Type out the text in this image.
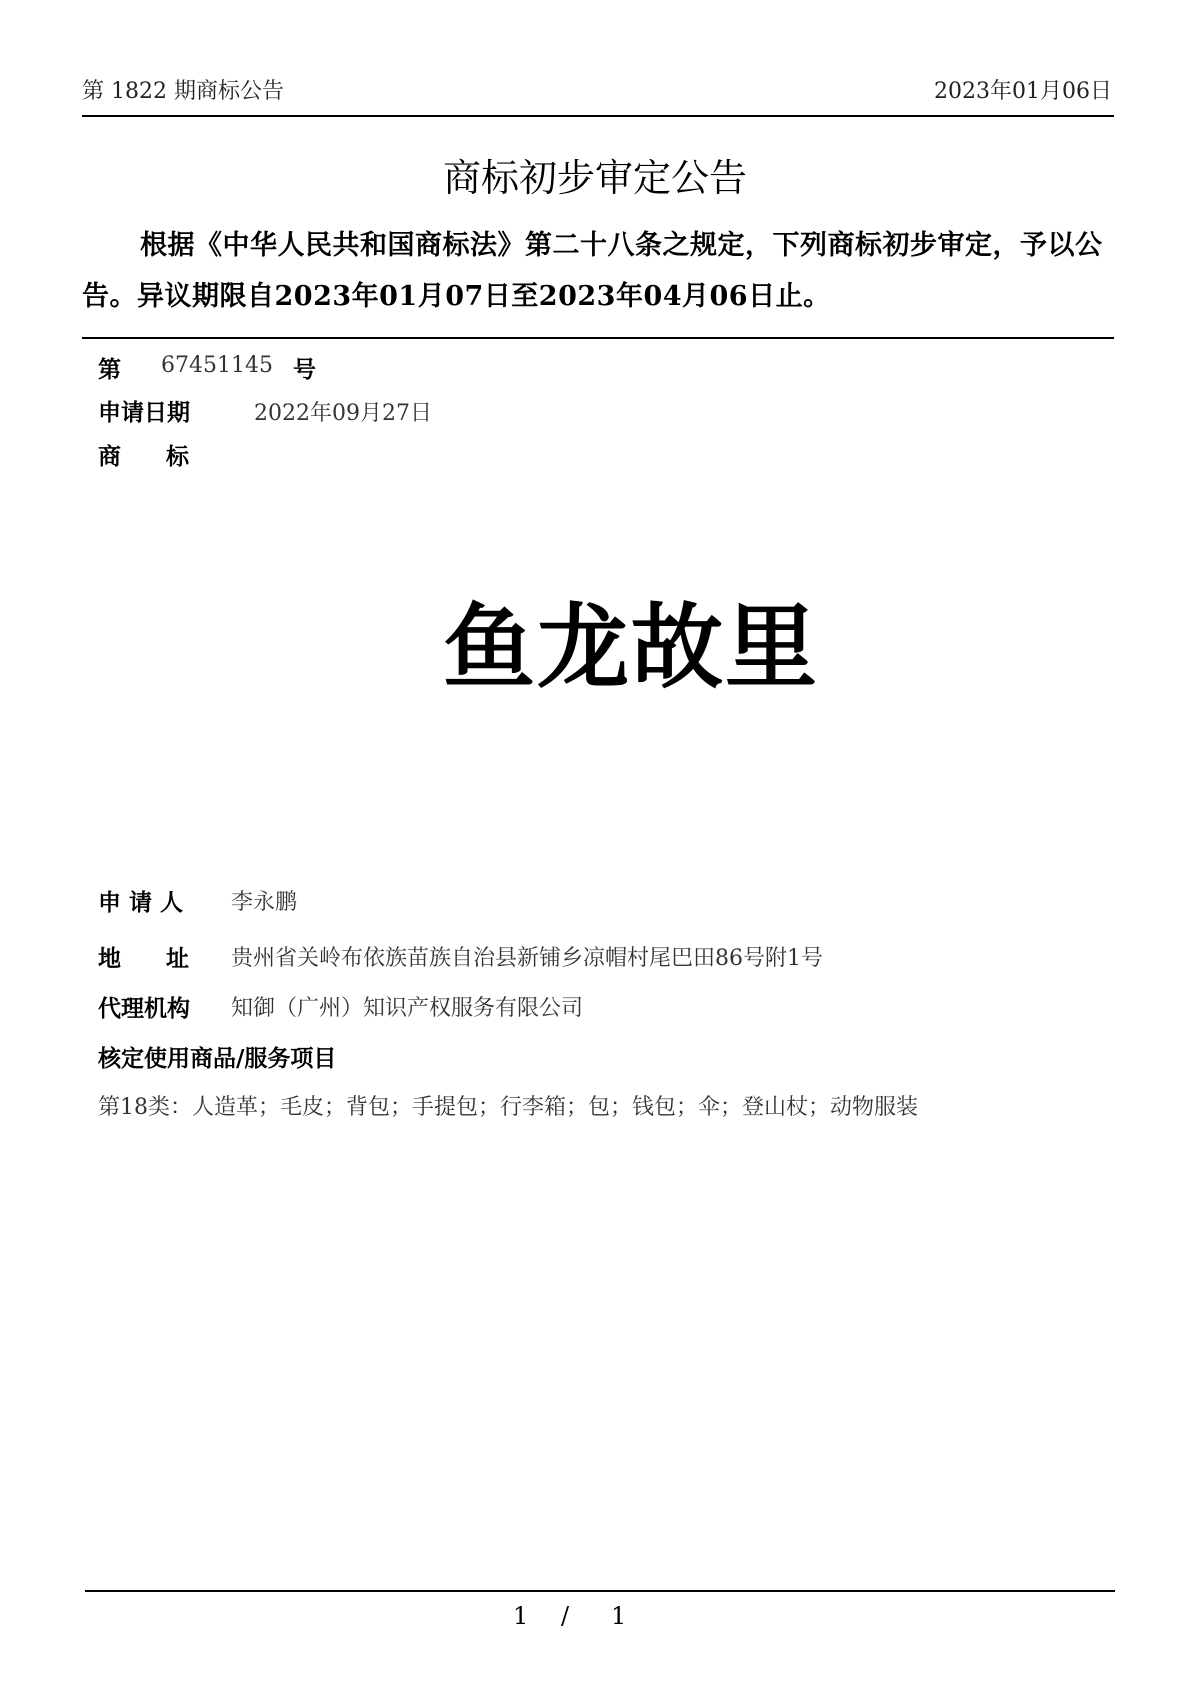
第 1822 期商标公告	2023年01月06日
商标初步审定公告
根据《中华人民共和国商标法》第二十八条之规定，下列商标初步审定，予以公告。异议期限自2023年01月07日至2023年04月06日止。
第 67451145 号
申请日期	2022年09月27日
商 标
鱼龙故里
申 请 人 李永鹏
地 址 贵州省关岭布依族苗族自治县新铺乡凉帽村尾巴田86号附1号
代理机构 知御（广州）知识产权服务有限公司
核定使用商品/服务项目
第18类：人造革；毛皮；背包；手提包；行李箱；包；钱包；伞；登山杖；动物服装
1 / 1
